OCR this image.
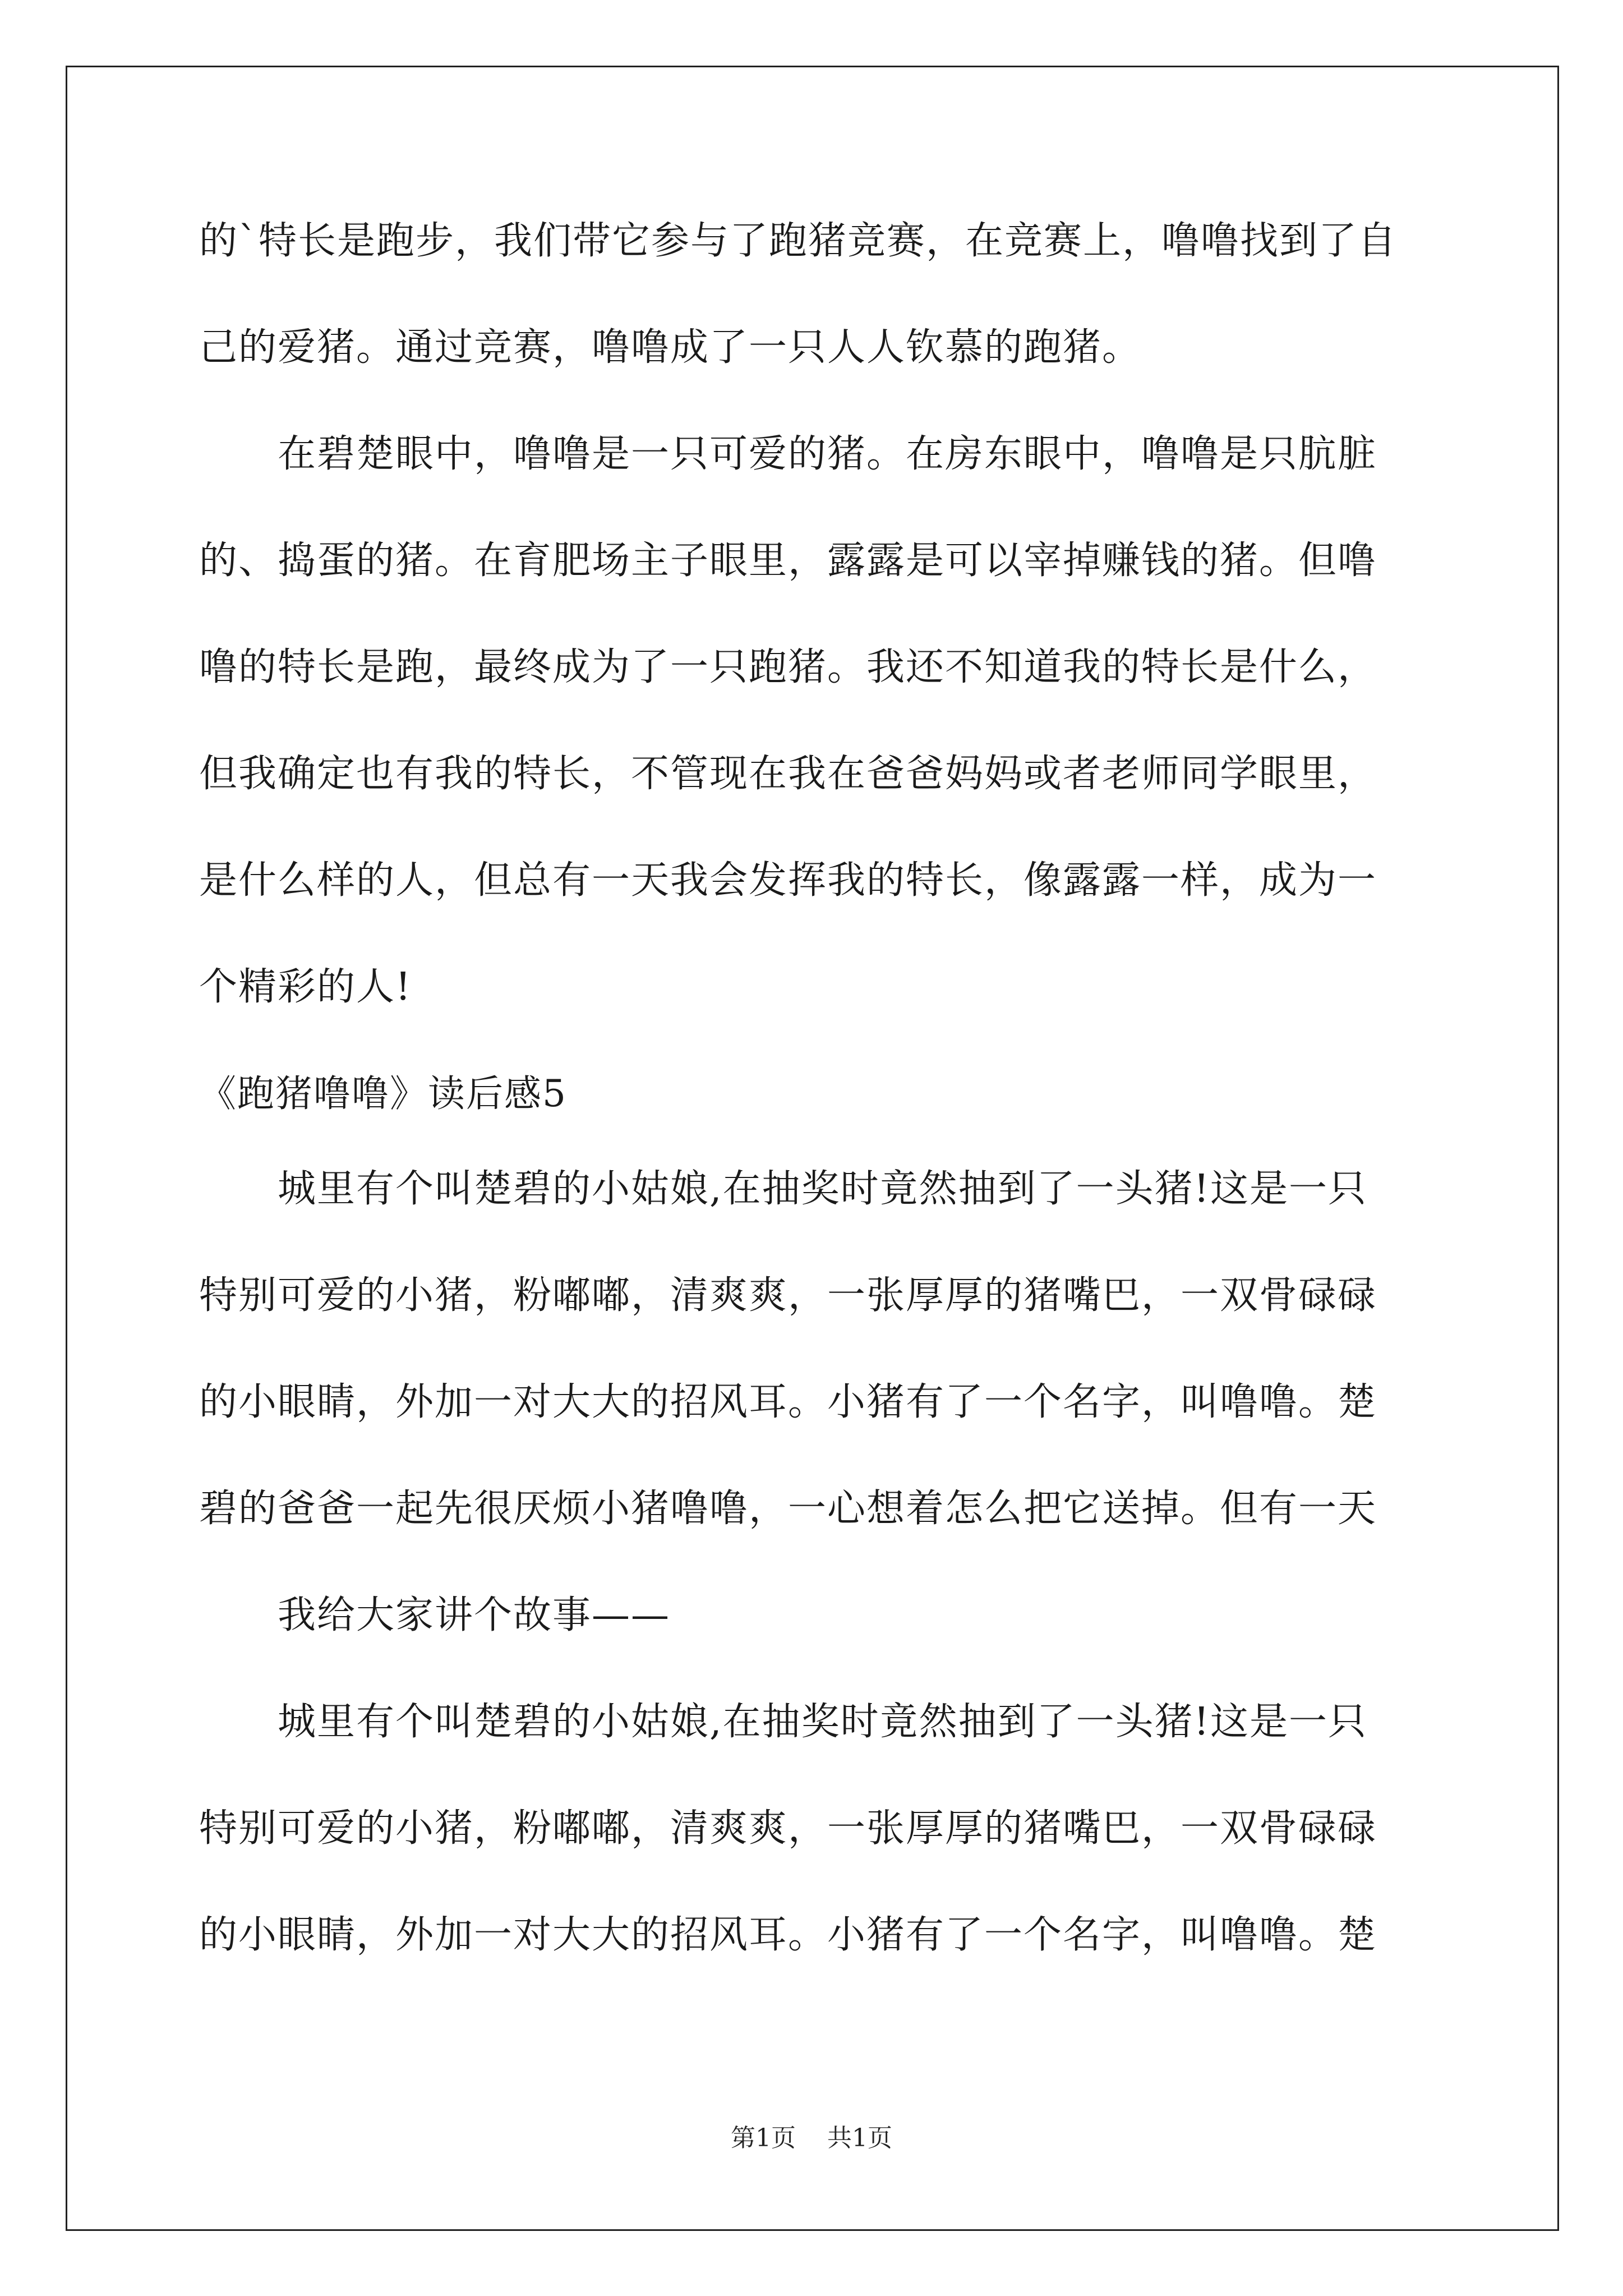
的`特长是跑步，我们带它参与了跑猪竞赛，在竞赛上，噜噜找到了自
己的爱猪。通过竞赛，噜噜成了一只人人钦慕的跑猪。
　　在碧楚眼中，噜噜是一只可爱的猪。在房东眼中，噜噜是只肮脏
的、捣蛋的猪。在育肥场主子眼里，露露是可以宰掉赚钱的猪。但噜
噜的特长是跑，最终成为了一只跑猪。我还不知道我的特长是什么，
但我确定也有我的特长，不管现在我在爸爸妈妈或者老师同学眼里，
是什么样的人，但总有一天我会发挥我的特长，像露露一样，成为一
个精彩的人!
《跑猪噜噜》读后感5
　　城里有个叫楚碧的小姑娘,在抽奖时竟然抽到了一头猪!这是一只
特别可爱的小猪，粉嘟嘟，清爽爽，一张厚厚的猪嘴巴，一双骨碌碌
的小眼睛，外加一对大大的招风耳。小猪有了一个名字，叫噜噜。楚
碧的爸爸一起先很厌烦小猪噜噜，一心想着怎么把它送掉。但有一天
　　我给大家讲个故事——
　　城里有个叫楚碧的小姑娘,在抽奖时竟然抽到了一头猪!这是一只
特别可爱的小猪，粉嘟嘟，清爽爽，一张厚厚的猪嘴巴，一双骨碌碌
的小眼睛，外加一对大大的招风耳。小猪有了一个名字，叫噜噜。楚
第1页 共1页
